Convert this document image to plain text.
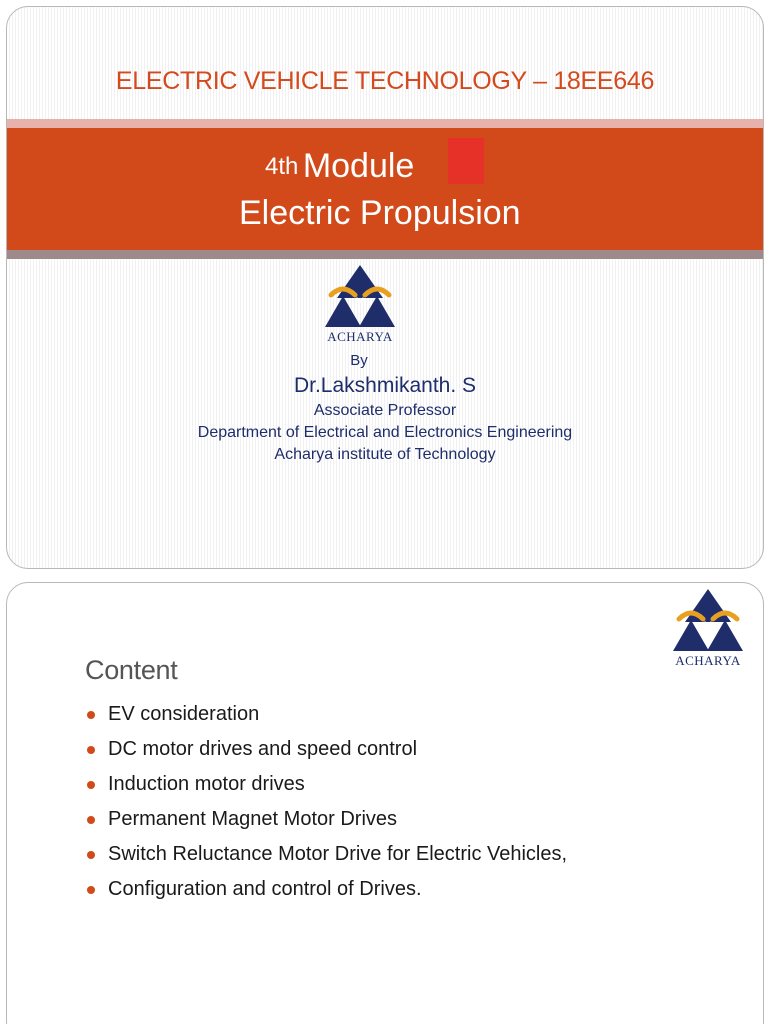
ELECTRIC VEHICLE TECHNOLOGY – 18EE646
4th Module
Electric Propulsion
ACHARYA
By
Dr.Lakshmikanth. S
Associate Professor
Department of Electrical and Electronics Engineering
Acharya institute of Technology
ACHARYA
Content
EV consideration
DC motor drives and speed control
Induction motor drives
Permanent Magnet Motor Drives
Switch Reluctance Motor Drive for Electric Vehicles,
Configuration and control of Drives.
